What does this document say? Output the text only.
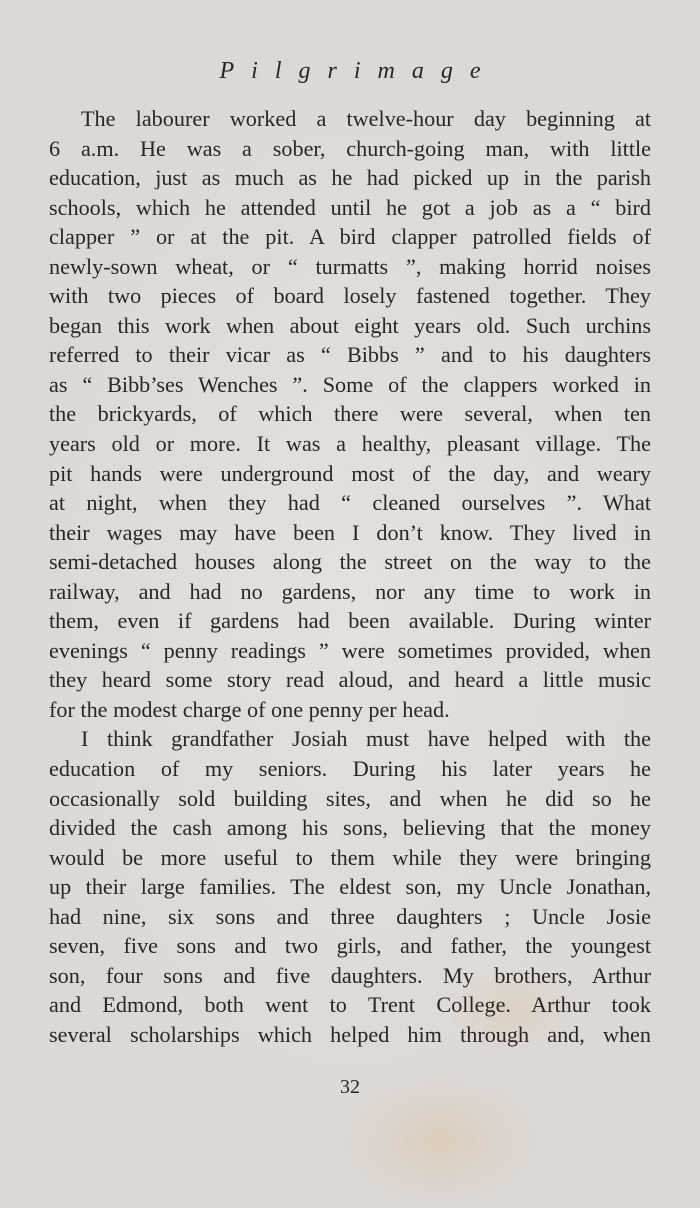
Pilgrimage
The labourer worked a twelve-hour day beginning at
6 a.m. He was a sober, church-going man, with little
education, just as much as he had picked up in the parish
schools, which he attended until he got a job as a “ bird
clapper ” or at the pit. A bird clapper patrolled fields of
newly-sown wheat, or “ turmatts ”, making horrid noises
with two pieces of board losely fastened together. They
began this work when about eight years old. Such urchins
referred to their vicar as “ Bibbs ” and to his daughters
as “ Bibb’ses Wenches ”. Some of the clappers worked in
the brickyards, of which there were several, when ten
years old or more. It was a healthy, pleasant village. The
pit hands were underground most of the day, and weary
at night, when they had “ cleaned ourselves ”. What
their wages may have been I don’t know. They lived in
semi-detached houses along the street on the way to the
railway, and had no gardens, nor any time to work in
them, even if gardens had been available. During winter
evenings “ penny readings ” were sometimes provided, when
they heard some story read aloud, and heard a little music
for the modest charge of one penny per head.
I think grandfather Josiah must have helped with the
education of my seniors. During his later years he
occasionally sold building sites, and when he did so he
divided the cash among his sons, believing that the money
would be more useful to them while they were bringing
up their large families. The eldest son, my Uncle Jonathan,
had nine, six sons and three daughters ; Uncle Josie
seven, five sons and two girls, and father, the youngest
son, four sons and five daughters. My brothers, Arthur
and Edmond, both went to Trent College. Arthur took
several scholarships which helped him through and, when
32
